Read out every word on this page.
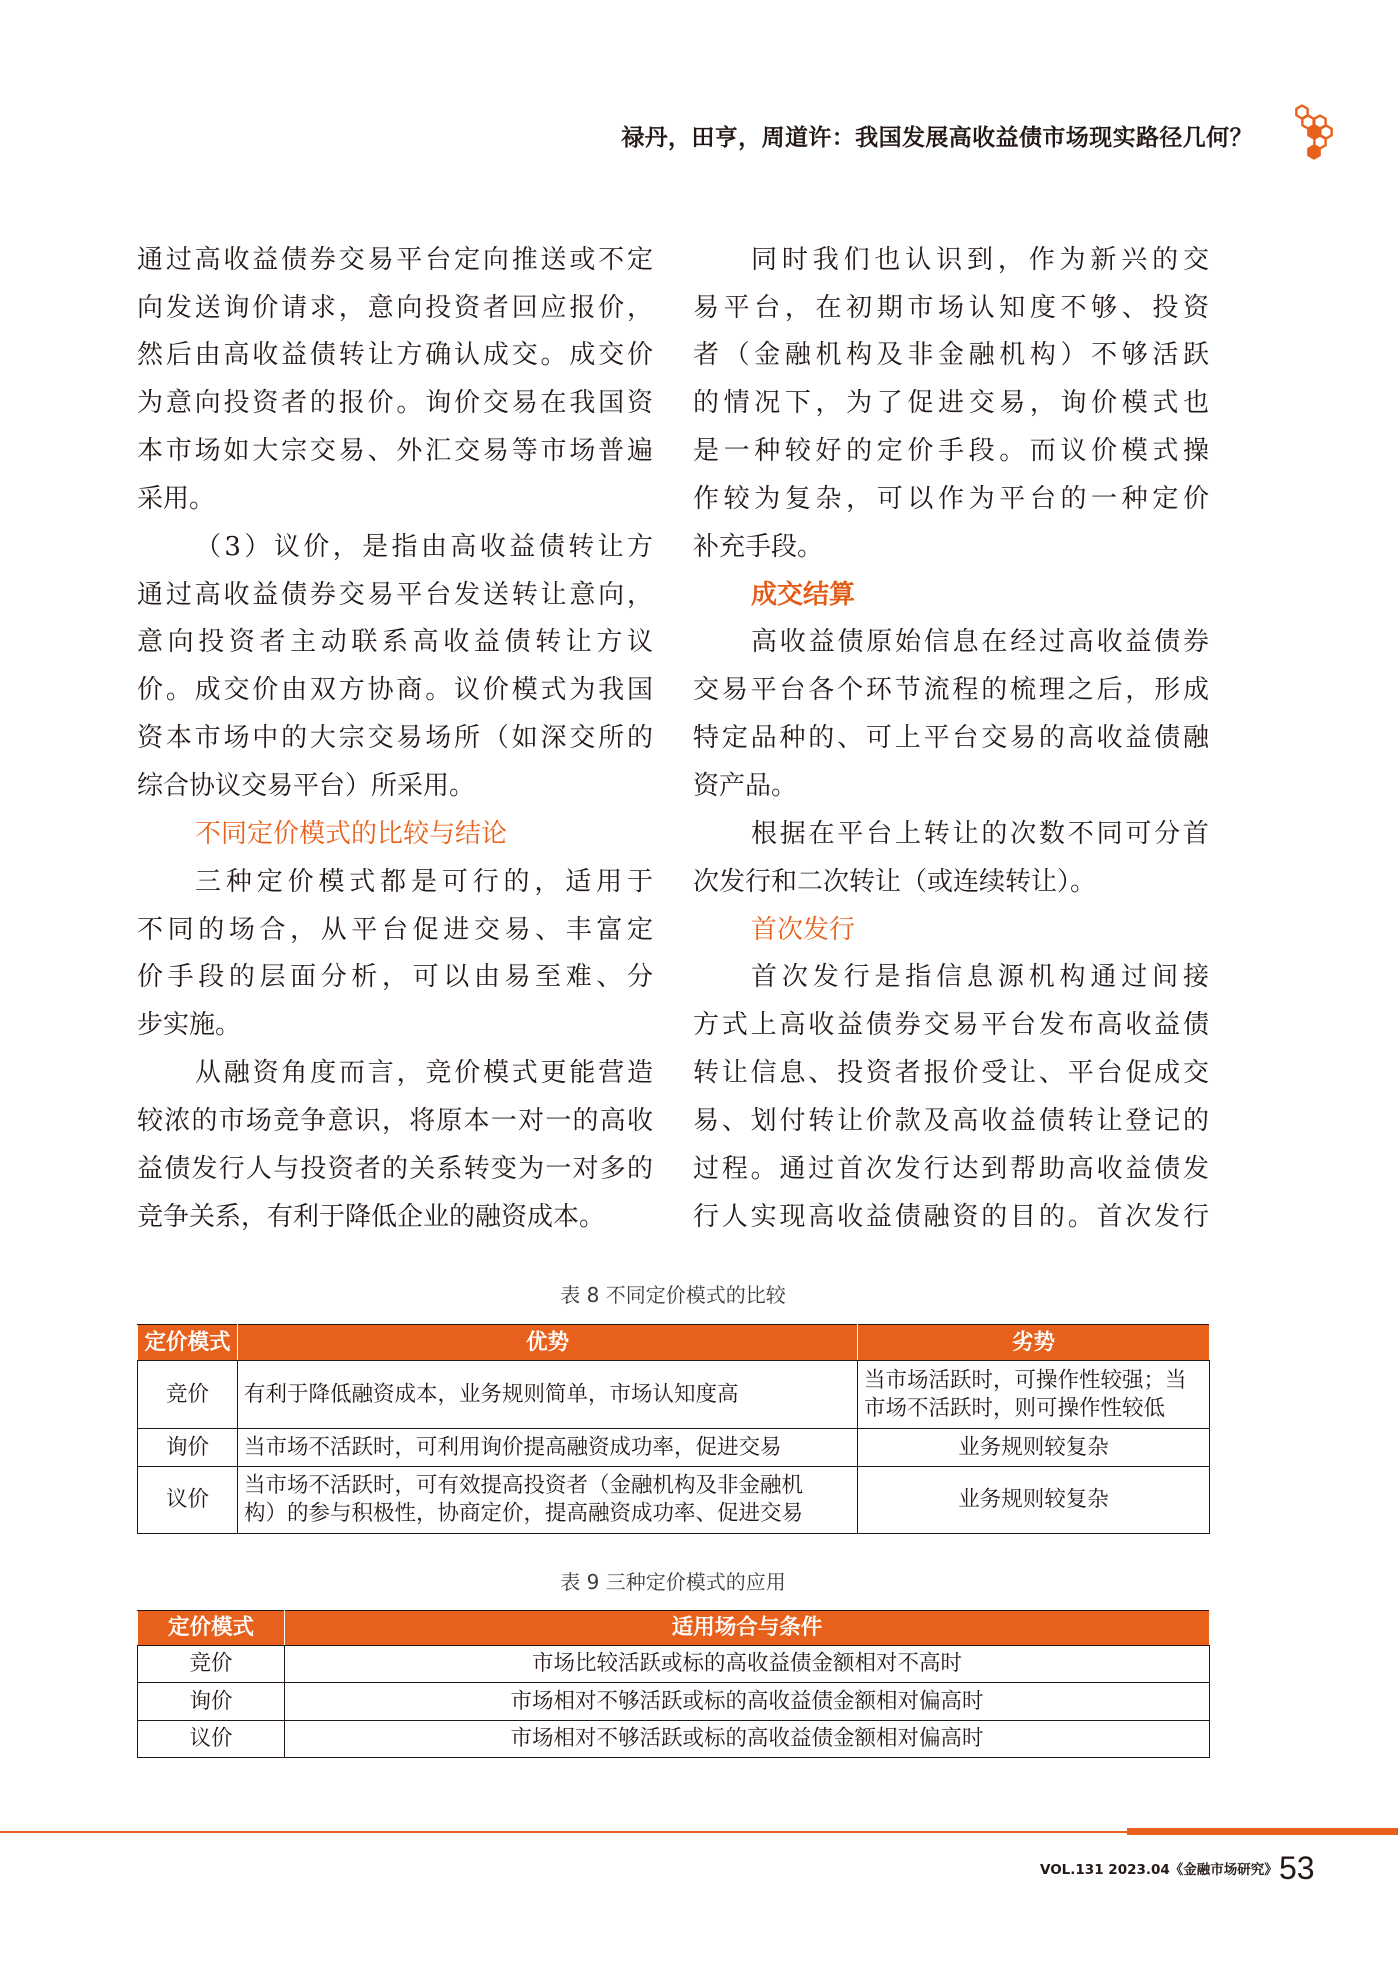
禄丹，田亨，周道许：我国发展高收益债市场现实路径几何？
通过高收益债券交易平台定向推送或不定
向发送询价请求，意向投资者回应报价，
然后由高收益债转让方确认成交。成交价
为意向投资者的报价。询价交易在我国资
本市场如大宗交易、外汇交易等市场普遍
采用。
（3）议价，是指由高收益债转让方
通过高收益债券交易平台发送转让意向，
意向投资者主动联系高收益债转让方议
价。成交价由双方协商。议价模式为我国
资本市场中的大宗交易场所（如深交所的
综合协议交易平台）所采用。
不同定价模式的比较与结论
三种定价模式都是可行的，适用于
不同的场合，从平台促进交易、丰富定
价手段的层面分析，可以由易至难、分
步实施。
从融资角度而言，竞价模式更能营造
较浓的市场竞争意识，将原本一对一的高收
益债发行人与投资者的关系转变为一对多的
竞争关系，有利于降低企业的融资成本。
同时我们也认识到，作为新兴的交
易平台，在初期市场认知度不够、投资
者（金融机构及非金融机构）不够活跃
的情况下，为了促进交易，询价模式也
是一种较好的定价手段。而议价模式操
作较为复杂，可以作为平台的一种定价
补充手段。
成交结算
高收益债原始信息在经过高收益债券
交易平台各个环节流程的梳理之后，形成
特定品种的、可上平台交易的高收益债融
资产品。
根据在平台上转让的次数不同可分首
次发行和二次转让（或连续转让）。
首次发行
首次发行是指信息源机构通过间接
方式上高收益债券交易平台发布高收益债
转让信息、投资者报价受让、平台促成交
易、划付转让价款及高收益债转让登记的
过程。通过首次发行达到帮助高收益债发
行人实现高收益债融资的目的。首次发行
表 8 不同定价模式的比较
定价模式	优势	劣势
竞价	有利于降低融资成本，业务规则简单，市场认知度高	当市场活跃时，可操作性较强；当
市场不活跃时，则可操作性较低

询价	当市场不活跃时，可利用询价提高融资成功率，促进交易	业务规则较复杂

议价	当市场不活跃时，可有效提高投资者（金融机构及非金融机
构）的参与积极性，协商定价，提高融资成功率、促进交易	业务规则较复杂
表 9 三种定价模式的应用
定价模式	适用场合与条件
竞价	市场比较活跃或标的高收益债金额相对不高时
询价	市场相对不够活跃或标的高收益债金额相对偏高时
议价	市场相对不够活跃或标的高收益债金额相对偏高时
VOL.131 2023.04《金融市场研究》 53
